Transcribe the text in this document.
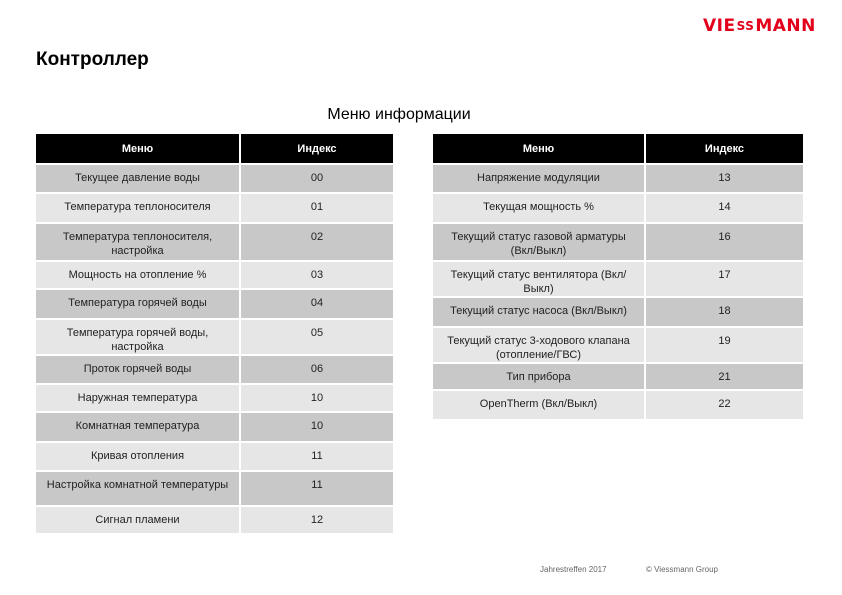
VIE SS MANN
Контроллер
Меню информации
Меню	Индекс
Текущее давление воды	00
Температура теплоносителя	01
Температура теплоносителя, настройка	02
Мощность на отопление %	03
Температура горячей воды	04
Температура горячей воды, настройка	05
Проток горячей воды	06
Наружная температура	10
Комнатная температура	10
Кривая отопления	11
Настройка комнатной температуры	11
Сигнал пламени	12
Меню	Индекс
Напряжение модуляции	13
Текущая мощность %	14
Текущий статус газовой арматуры (Вкл/Выкл)	16
Текущий статус вентилятора (Вкл/Выкл)	17
Текущий статус насоса (Вкл/Выкл)	18
Текущий статус 3-ходового клапана (отопление/ГВС)	19
Тип прибора	21
OpenTherm (Вкл/Выкл)	22
Jahrestreffen 2017	© Viessmann Group
